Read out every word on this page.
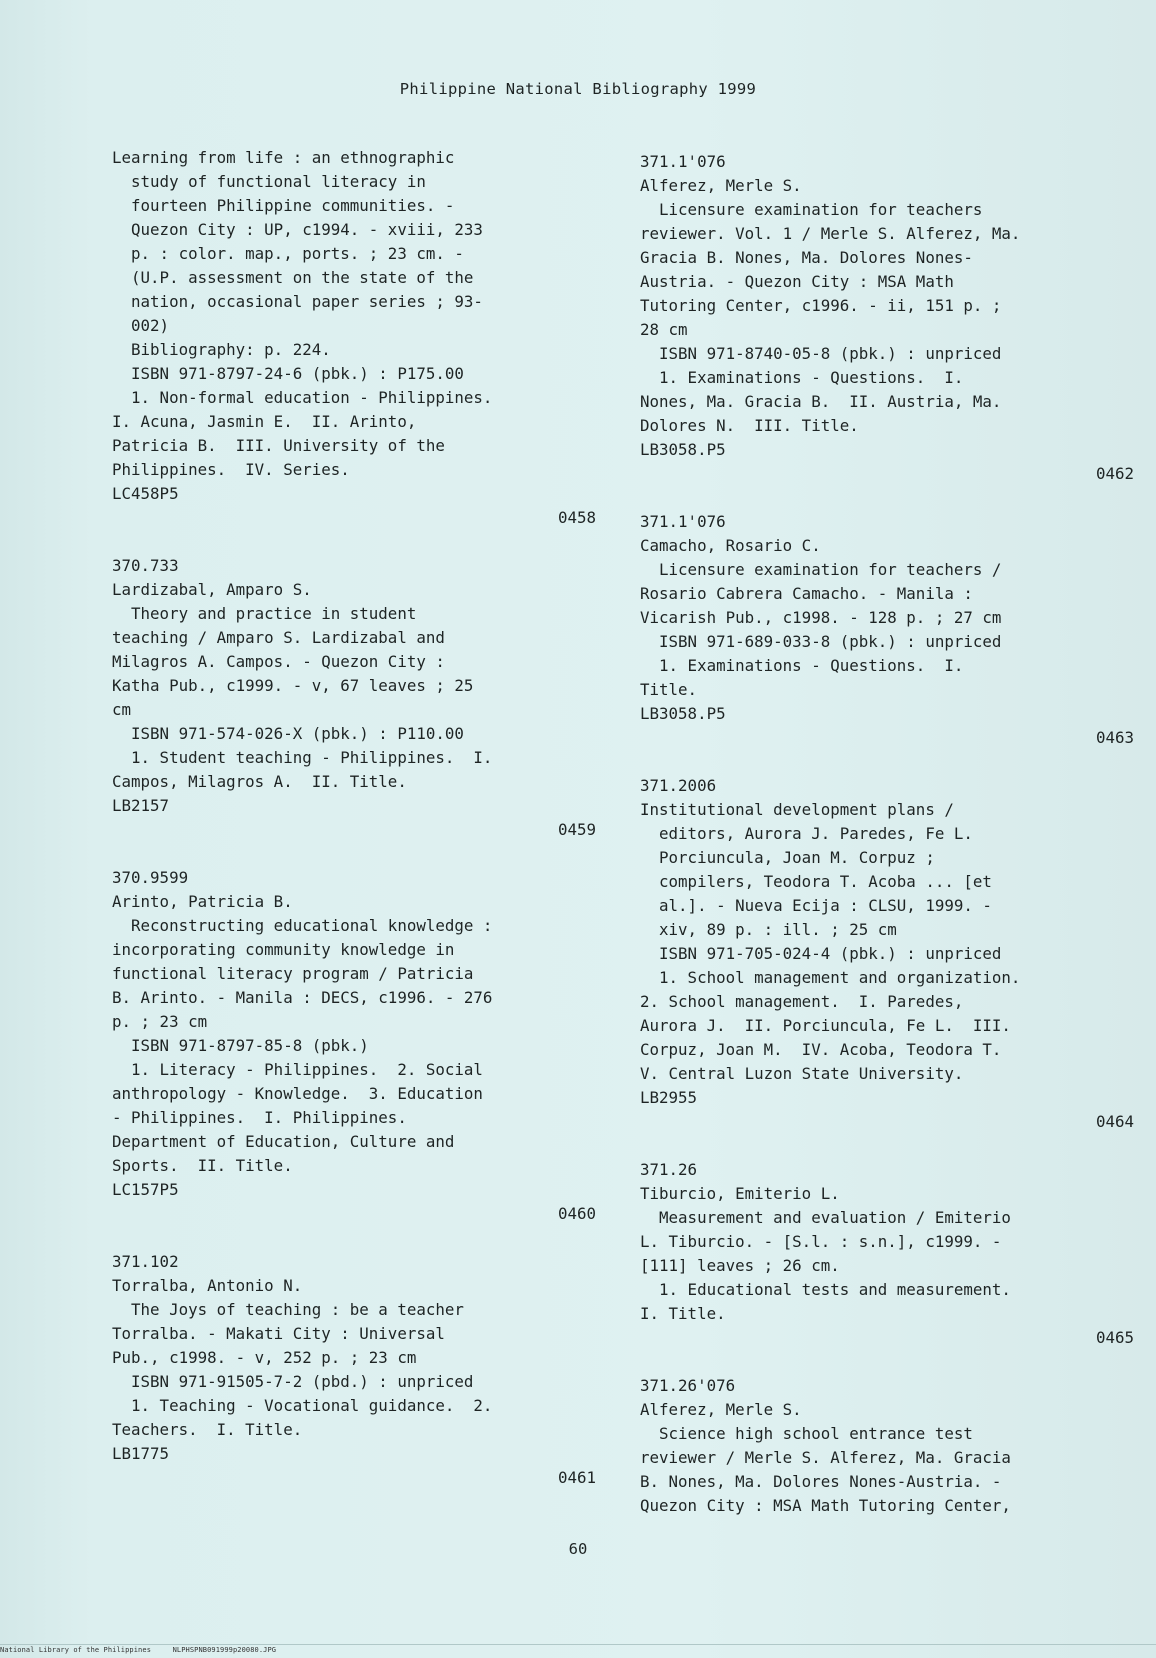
Philippine National Bibliography 1999
Learning from life : an ethnographic
study of functional literacy in
fourteen Philippine communities. -
Quezon City : UP, c1994. - xviii, 233
p. : color. map., ports. ; 23 cm. -
(U.P. assessment on the state of the
nation, occasional paper series ; 93-
002)
Bibliography: p. 224.
ISBN 971-8797-24-6 (pbk.) : P175.00
1. Non-formal education - Philippines.
I. Acuna, Jasmin E.  II. Arinto,
Patricia B.  III. University of the
Philippines.  IV. Series.
LC458P5
0458
370.733
Lardizabal, Amparo S.
Theory and practice in student
teaching / Amparo S. Lardizabal and
Milagros A. Campos. - Quezon City :
Katha Pub., c1999. - v, 67 leaves ; 25
cm
ISBN 971-574-026-X (pbk.) : P110.00
1. Student teaching - Philippines.  I.
Campos, Milagros A.  II. Title.
LB2157
0459
370.9599
Arinto, Patricia B.
Reconstructing educational knowledge :
incorporating community knowledge in
functional literacy program / Patricia
B. Arinto. - Manila : DECS, c1996. - 276
p. ; 23 cm
ISBN 971-8797-85-8 (pbk.)
1. Literacy - Philippines.  2. Social
anthropology - Knowledge.  3. Education
- Philippines.  I. Philippines.
Department of Education, Culture and
Sports.  II. Title.
LC157P5
0460
371.102
Torralba, Antonio N.
The Joys of teaching : be a teacher
Torralba. - Makati City : Universal
Pub., c1998. - v, 252 p. ; 23 cm
ISBN 971-91505-7-2 (pbd.) : unpriced
1. Teaching - Vocational guidance.  2.
Teachers.  I. Title.
LB1775
0461
371.1'076
Alferez, Merle S.
Licensure examination for teachers
reviewer. Vol. 1 / Merle S. Alferez, Ma.
Gracia B. Nones, Ma. Dolores Nones-
Austria. - Quezon City : MSA Math
Tutoring Center, c1996. - ii, 151 p. ;
28 cm
ISBN 971-8740-05-8 (pbk.) : unpriced
1. Examinations - Questions.  I.
Nones, Ma. Gracia B.  II. Austria, Ma.
Dolores N.  III. Title.
LB3058.P5
0462
371.1'076
Camacho, Rosario C.
Licensure examination for teachers /
Rosario Cabrera Camacho. - Manila :
Vicarish Pub., c1998. - 128 p. ; 27 cm
ISBN 971-689-033-8 (pbk.) : unpriced
1. Examinations - Questions.  I.
Title.
LB3058.P5
0463
371.2006
Institutional development plans /
editors, Aurora J. Paredes, Fe L.
Porciuncula, Joan M. Corpuz ;
compilers, Teodora T. Acoba ... [et
al.]. - Nueva Ecija : CLSU, 1999. -
xiv, 89 p. : ill. ; 25 cm
ISBN 971-705-024-4 (pbk.) : unpriced
1. School management and organization.
2. School management.  I. Paredes,
Aurora J.  II. Porciuncula, Fe L.  III.
Corpuz, Joan M.  IV. Acoba, Teodora T.
V. Central Luzon State University.
LB2955
0464
371.26
Tiburcio, Emiterio L.
Measurement and evaluation / Emiterio
L. Tiburcio. - [S.l. : s.n.], c1999. -
[111] leaves ; 26 cm.
1. Educational tests and measurement.
I. Title.
0465
371.26'076
Alferez, Merle S.
Science high school entrance test
reviewer / Merle S. Alferez, Ma. Gracia
B. Nones, Ma. Dolores Nones-Austria. -
Quezon City : MSA Math Tutoring Center,
60
National Library of the Philippines     NLPHSPNB091999p20080.JPG
